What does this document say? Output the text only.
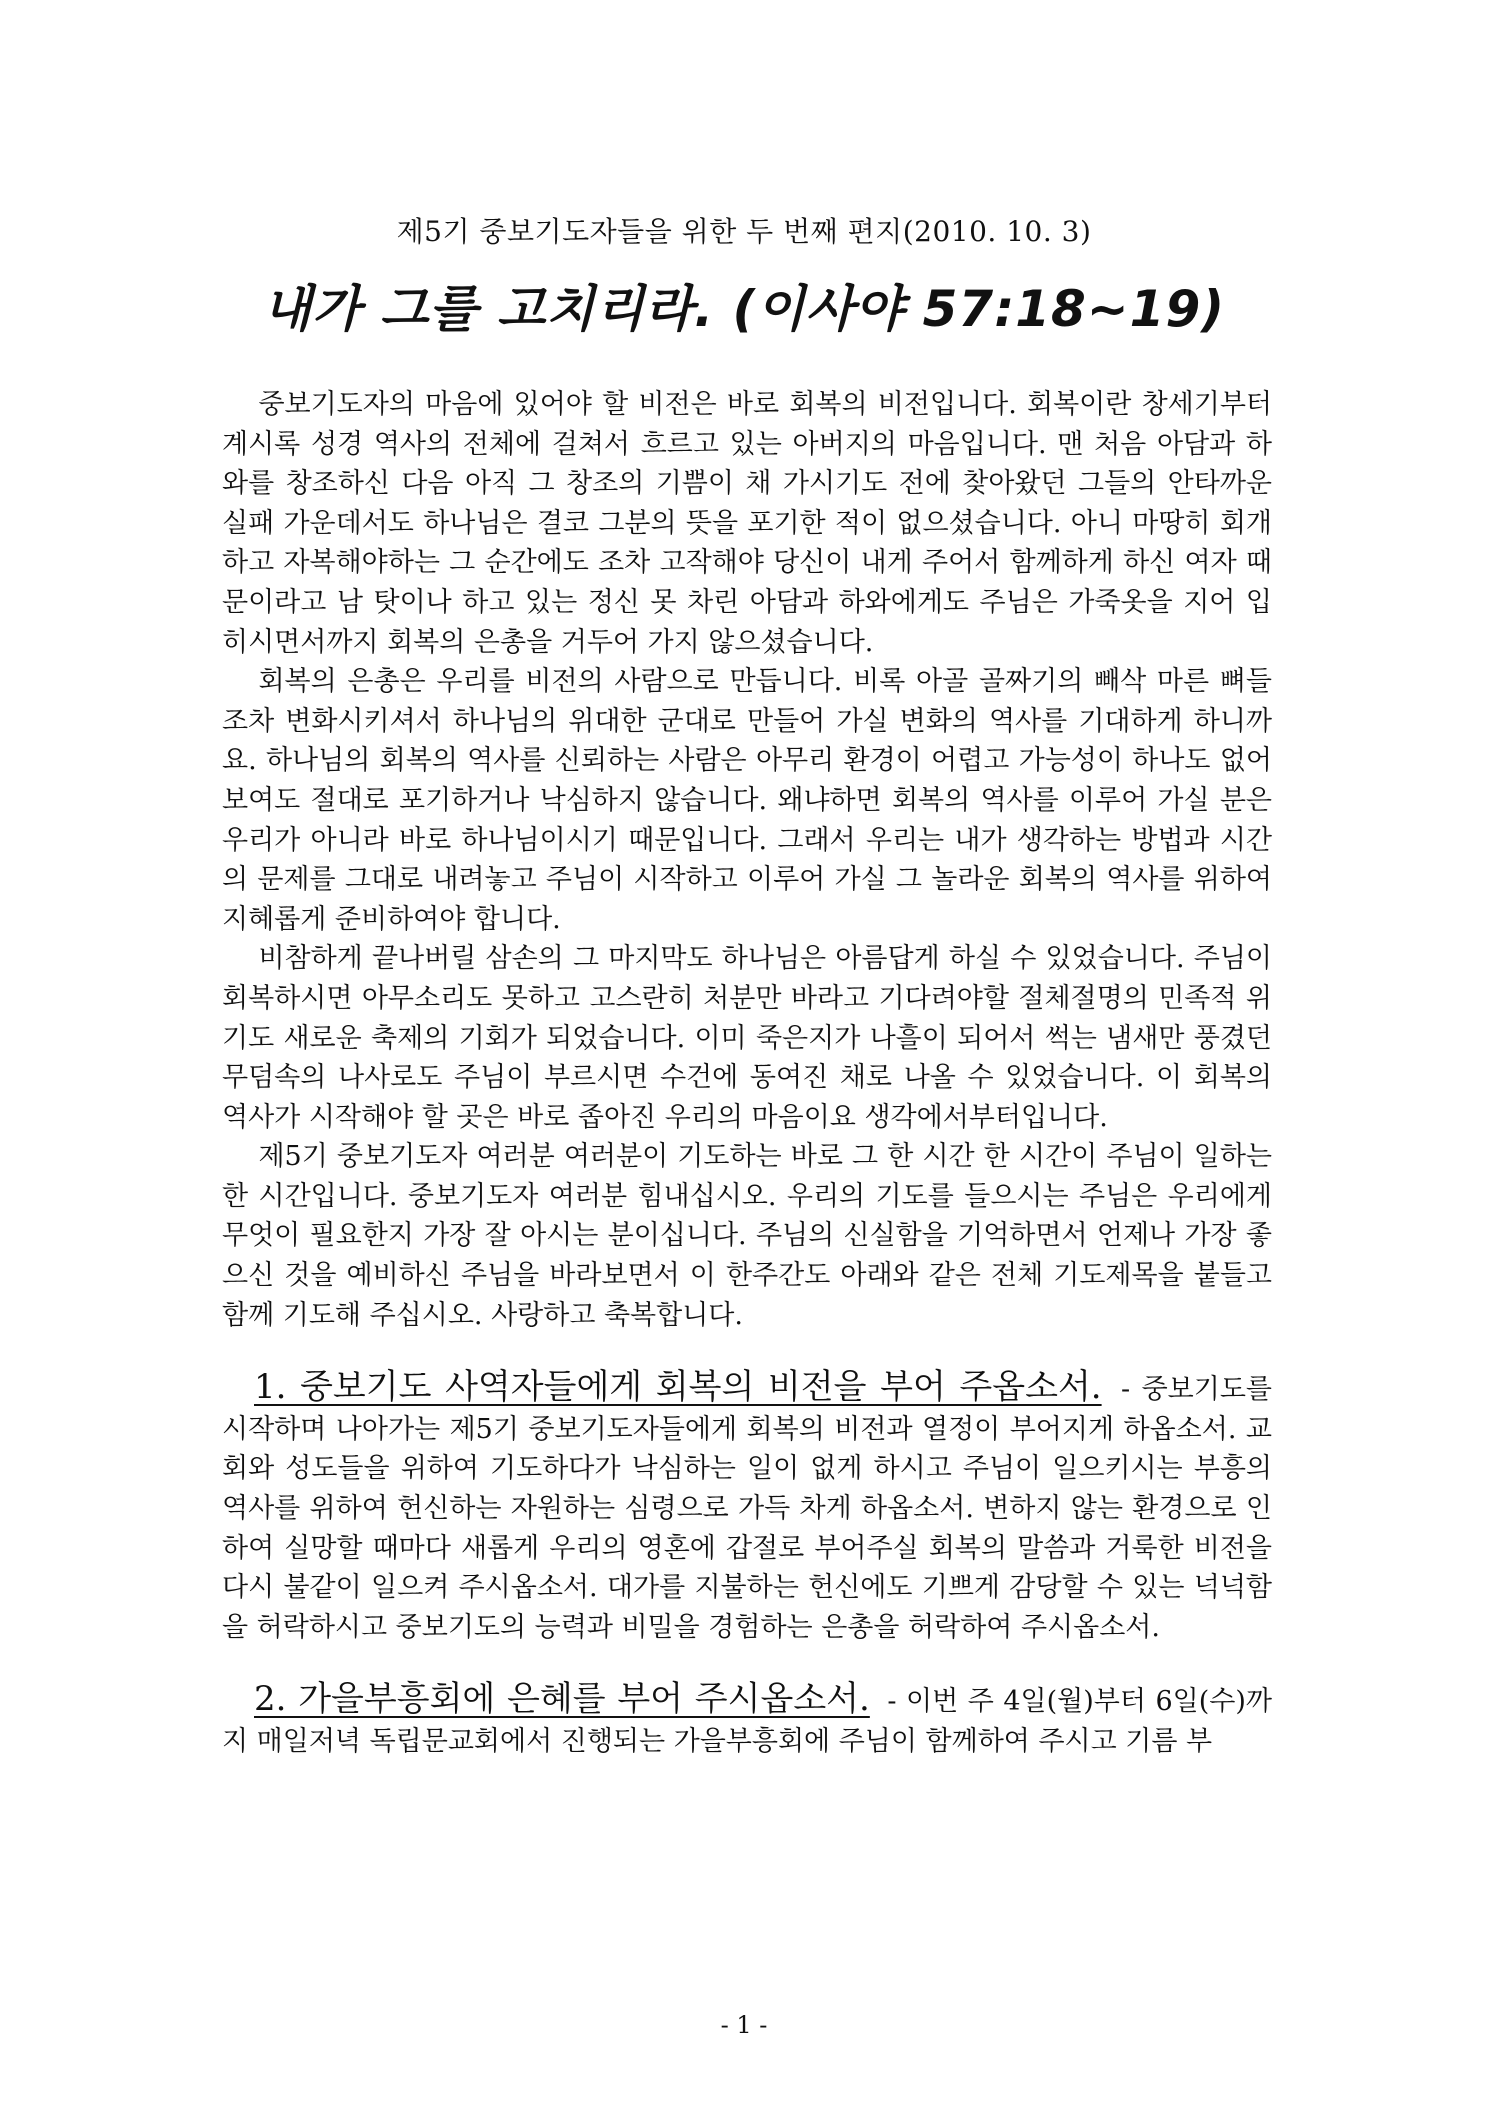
제5기 중보기도자들을 위한 두 번째 편지(2010. 10. 3)
내가 그를 고치리라. (이사야 57:18~19)

중보기도자의 마음에 있어야 할 비전은 바로 회복의 비전입니다. 회복이란 창세기부터 계시록 성경 역사의 전체에 걸쳐서 흐르고 있는 아버지의 마음입니다. 맨 처음 아담과 하와를 창조하신 다음 아직 그 창조의 기쁨이 채 가시기도 전에 찾아왔던 그들의 안타까운 실패 가운데서도 하나님은 결코 그분의 뜻을 포기한 적이 없으셨습니다. 아니 마땅히 회개하고 자복해야하는 그 순간에도 조차 고작해야 당신이 내게 주어서 함께하게 하신 여자 때문이라고 남 탓이나 하고 있는 정신 못 차린 아담과 하와에게도 주님은 가죽옷을 지어 입히시면서까지 회복의 은총을 거두어 가지 않으셨습니다.

회복의 은총은 우리를 비전의 사람으로 만듭니다. 비록 아골 골짜기의 빼삭 마른 뼈들조차 변화시키셔서 하나님의 위대한 군대로 만들어 가실 변화의 역사를 기대하게 하니까요. 하나님의 회복의 역사를 신뢰하는 사람은 아무리 환경이 어렵고 가능성이 하나도 없어 보여도 절대로 포기하거나 낙심하지 않습니다. 왜냐하면 회복의 역사를 이루어 가실 분은 우리가 아니라 바로 하나님이시기 때문입니다. 그래서 우리는 내가 생각하는 방법과 시간의 문제를 그대로 내려놓고 주님이 시작하고 이루어 가실 그 놀라운 회복의 역사를 위하여 지혜롭게 준비하여야 합니다.

비참하게 끝나버릴 삼손의 그 마지막도 하나님은 아름답게 하실 수 있었습니다. 주님이 회복하시면 아무소리도 못하고 고스란히 처분만 바라고 기다려야할 절체절명의 민족적 위기도 새로운 축제의 기회가 되었습니다. 이미 죽은지가 나흘이 되어서 썩는 냄새만 풍겼던 무덤속의 나사로도 주님이 부르시면 수건에 동여진 채로 나올 수 있었습니다. 이 회복의 역사가 시작해야 할 곳은 바로 좁아진 우리의 마음이요 생각에서부터입니다.

제5기 중보기도자 여러분 여러분이 기도하는 바로 그 한 시간 한 시간이 주님이 일하는 한 시간입니다. 중보기도자 여러분 힘내십시오. 우리의 기도를 들으시는 주님은 우리에게 무엇이 필요한지 가장 잘 아시는 분이십니다. 주님의 신실함을 기억하면서 언제나 가장 좋으신 것을 예비하신 주님을 바라보면서 이 한주간도 아래와 같은 전체 기도제목을 붙들고 함께 기도해 주십시오. 사랑하고 축복합니다.

1. 중보기도 사역자들에게 회복의 비전을 부어 주옵소서. - 중보기도를 시작하며 나아가는 제5기 중보기도자들에게 회복의 비전과 열정이 부어지게 하옵소서. 교회와 성도들을 위하여 기도하다가 낙심하는 일이 없게 하시고 주님이 일으키시는 부흥의 역사를 위하여 헌신하는 자원하는 심령으로 가득 차게 하옵소서. 변하지 않는 환경으로 인하여 실망할 때마다 새롭게 우리의 영혼에 갑절로 부어주실 회복의 말씀과 거룩한 비전을 다시 불같이 일으켜 주시옵소서. 대가를 지불하는 헌신에도 기쁘게 감당할 수 있는 넉넉함을 허락하시고 중보기도의 능력과 비밀을 경험하는 은총을 허락하여 주시옵소서.
2. 가을부흥회에 은혜를 부어 주시옵소서. - 이번 주 4일(월)부터 6일(수)까지 매일저녁 독립문교회에서 진행되는 가을부흥회에 주님이 함께하여 주시고 기름 부
- 1 -
